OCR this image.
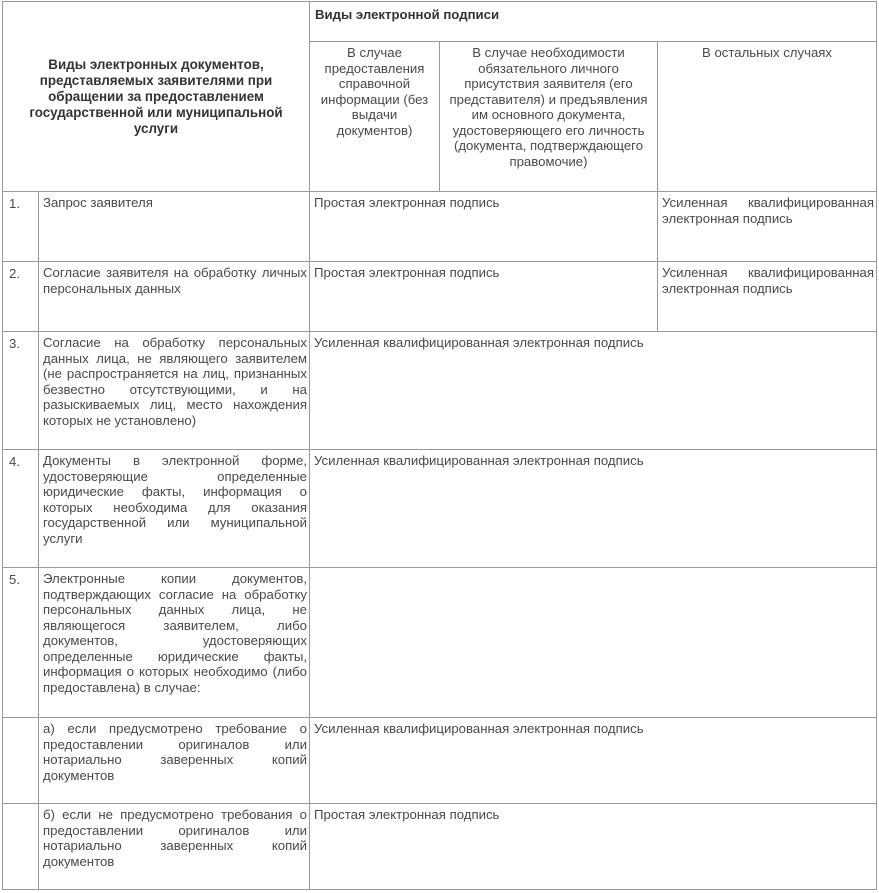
Виды электронных документов, представляемых заявителями при обращении за предоставлением государственной или муниципальной услуги		Виды электронной подписи		
		В случае предоставления справочной информации (без выдачи документов)	В случае необходимости обязательного личного присутствия заявителя (его представителя) и предъявления им основного документа, удостоверяющего его личность (документа, подтверждающего правомочие)	В остальных случаях
1.	Запрос заявителя	Простая электронная подпись		Усиленная квалифицированная электронная подпись
2.	Согласие заявителя на обработку личных персональных данных	Простая электронная подпись		Усиленная квалифицированная электронная подпись
3.	Согласие на обработку персональных данных лица, не являющего заявителем (не распространяется на лиц, признанных безвестно отсутствующими, и на разыскиваемых лиц, место нахождения которых не установлено)	Усиленная квалифицированная электронная подпись		
4.	Документы в электронной форме, удостоверяющие определенные юридические факты, информация о которых необходима для оказания государственной или муниципальной услуги	Усиленная квалифицированная электронная подпись		
5.	Электронные копии документов, подтверждающих согласие на обработку персональных данных лица, не являющегося заявителем, либо документов, удостоверяющих определенные юридические факты, информация о которых необходимо (либо предоставлена) в случае:			
	а) если предусмотрено требование о предоставлении оригиналов или нотариально заверенных копий документов	Усиленная квалифицированная электронная подпись		
	б) если не предусмотрено требования о предоставлении оригиналов или нотариально заверенных копий документов	Простая электронная подпись		
